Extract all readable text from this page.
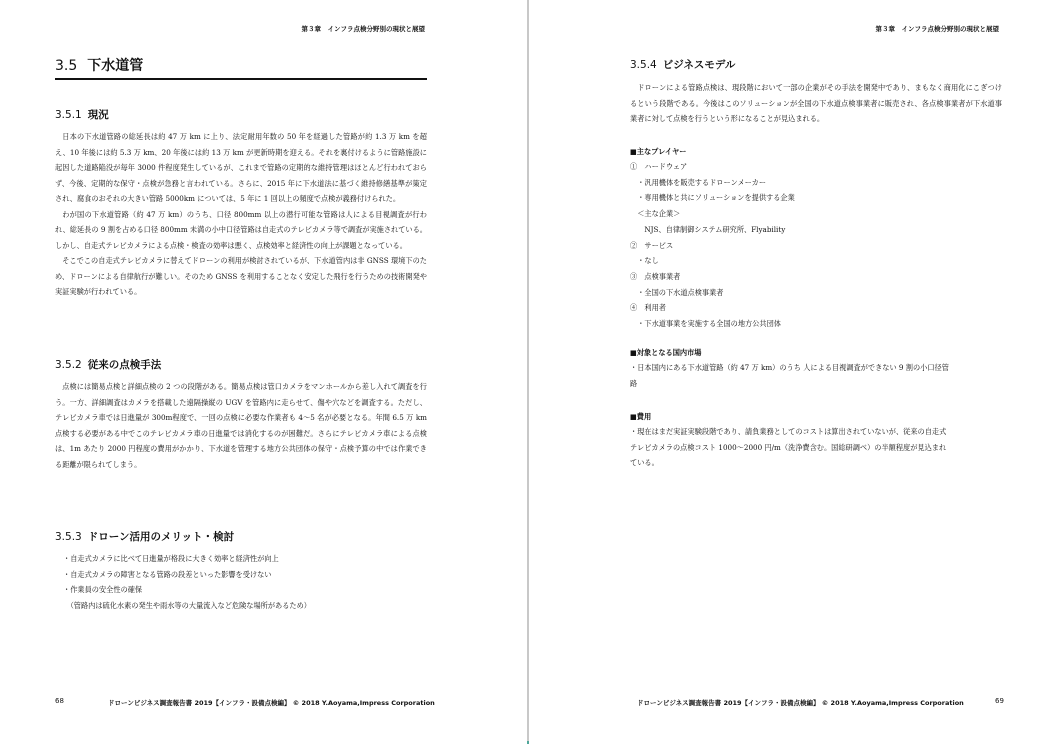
第３章　インフラ点検分野別の現状と展望
3.5 下水道管
3.5.1 現況

日本の下水道管路の総延長は約 47 万 km に上り、法定耐用年数の 50 年を経過した管路が約 1.3 万 km を超え、10 年後には約 5.3 万 km、20 年後には約 13 万 km が更新時期を迎える。それを裏付けるように管路施設に起因した道路陥没が毎年 3000 件程度発生しているが、これまで管路の定期的な維持管理はほとんど行われておらず、今後、定期的な保守・点検が急務と言われている。さらに、2015 年に下水道法に基づく維持修繕基準が策定され、腐食のおそれの大きい管路 5000km については、5 年に 1 回以上の頻度で点検が義務付けられた。

わが国の下水道管路（約 47 万 km）のうち、口径 800mm 以上の潜行可能な管路は人による目視調査が行われ、総延長の 9 割を占める口径 800mm 未満の小中口径管路は自走式のテレビカメラ等で調査が実施されている。しかし、自走式テレビカメラによる点検・検査の効率は悪く、点検効率と経済性の向上が課題となっている。

そこでこの自走式テレビカメラに替えてドローンの利用が検討されているが、下水道管内は非 GNSS 環境下のため、ドローンによる自律航行が難しい。そのため GNSS を利用することなく安定した飛行を行うための技術開発や実証実験が行われている。

3.5.2 従来の点検手法

点検には簡易点検と詳細点検の 2 つの段階がある。簡易点検は管口カメラをマンホールから差し入れて調査を行う。一方、詳細調査はカメラを搭載した遠隔操縦の UGV を管路内に走らせて、傷や穴などを調査する。ただし、テレビカメラ車では日進量が 300m程度で、一回の点検に必要な作業者も 4～5 名が必要となる。年間 6.5 万 km 点検する必要がある中でこのテレビカメラ車の日進量では消化するのが困難だ。さらにテレビカメラ車による点検は、1m あたり 2000 円程度の費用がかかり、下水道を管理する地方公共団体の保守・点検予算の中では作業できる距離が限られてしまう。

3.5.3 ドローン活用のメリット・検討

・自走式カメラに比べて日進量が格段に大きく効率と経済性が向上

・自走式カメラの障害となる管路の段差といった影響を受けない

・作業員の安全性の確保

　（管路内は硫化水素の発生や雨水等の大量流入など危険な場所があるため）

68	ドローンビジネス調査報告書 2019【インフラ・設備点検編】 © 2018 Y.Aoyama,Impress Corporation
第３章　インフラ点検分野別の現状と展望
3.5.4 ビジネスモデル

ドローンによる管路点検は、現段階において一部の企業がその手法を開発中であり、まもなく商用化にこぎつけるという段階である。今後はこのソリューションが全国の下水道点検事業者に販売され、各点検事業者が下水道事業者に対して点検を行うという形になることが見込まれる。

■主なプレイヤー

①　ハードウェア

　・汎用機体を販売するドローンメーカー

　・専用機体と共にソリューションを提供する企業

　＜主な企業＞

　　NJS、自律制御システム研究所、Flyability

②　サービス

　・なし

③　点検事業者

　・全国の下水道点検事業者

④　利用者

　・下水道事業を実施する全国の地方公共団体

■対象となる国内市場

・日本国内にある下水道管路（約 47 万 km）のうち 人による目視調査ができない 9 割の小口径管

路

■費用

・現在はまだ実証実験段階であり、請負業務としてのコストは算出されていないが、従来の自走式

テレビカメラの点検コスト 1000～2000 円/m（洗浄費含む。国総研調べ）の半額程度が見込まれ

ている。

ドローンビジネス調査報告書 2019【インフラ・設備点検編】 © 2018 Y.Aoyama,Impress Corporation	69
